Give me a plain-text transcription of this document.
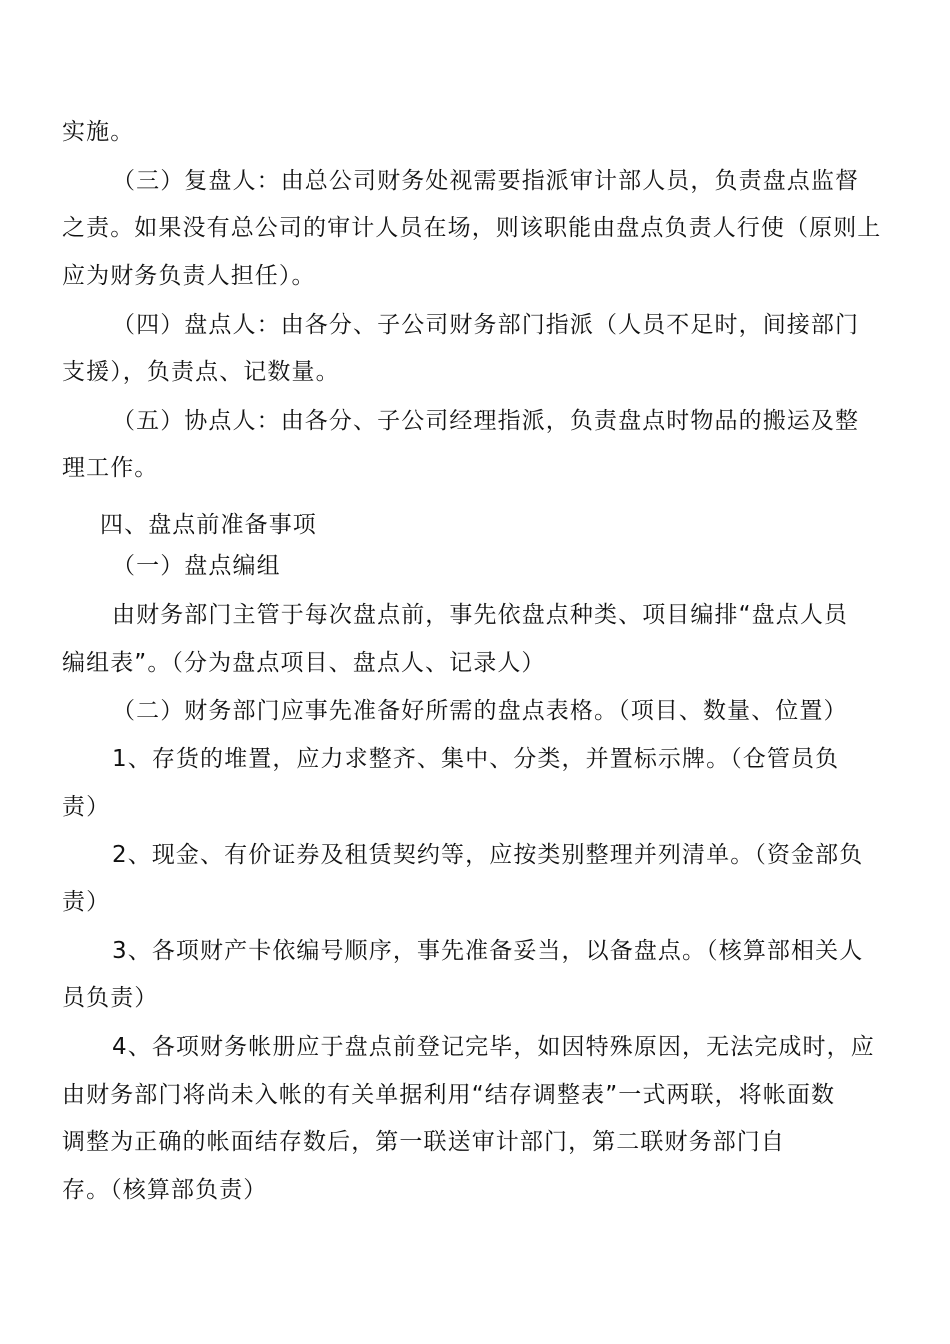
实施。
（三）复盘人：由总公司财务处视需要指派审计部人员，负责盘点监督
之责。如果没有总公司的审计人员在场，则该职能由盘点负责人行使（原则上
应为财务负责人担任）。
（四）盘点人：由各分、子公司财务部门指派（人员不足时，间接部门
支援），负责点、记数量。
（五）协点人：由各分、子公司经理指派，负责盘点时物品的搬运及整
理工作。
四、盘点前准备事项
（一）盘点编组
由财务部门主管于每次盘点前，事先依盘点种类、项目编排“盘点人员
编组表”。（分为盘点项目、盘点人、记录人）
（二）财务部门应事先准备好所需的盘点表格。（项目、数量、位置）
1、存货的堆置，应力求整齐、集中、分类，并置标示牌。（仓管员负
责）
2、现金、有价证券及租赁契约等，应按类别整理并列清单。（资金部负
责）
3、各项财产卡依编号顺序，事先准备妥当，以备盘点。（核算部相关人
员负责）
4、各项财务帐册应于盘点前登记完毕，如因特殊原因，无法完成时，应
由财务部门将尚未入帐的有关单据利用“结存调整表”一式两联，将帐面数
调整为正确的帐面结存数后，第一联送审计部门，第二联财务部门自
存。（核算部负责）
